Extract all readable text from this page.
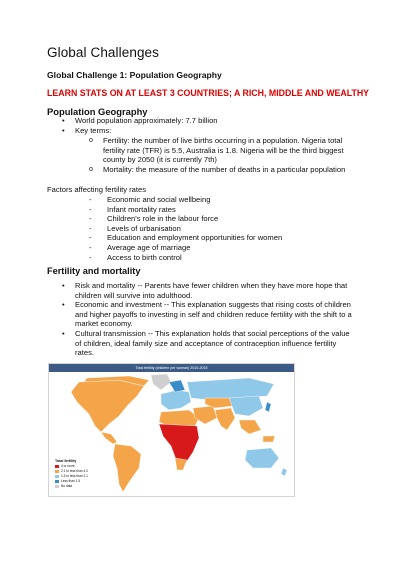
Global Challenges
Global Challenge 1: Population Geography
LEARN STATS ON AT LEAST 3 COUNTRIES; A RICH, MIDDLE AND WEALTHY
Population Geography
• World population approximately: 7.7 billion
• Key terms:
o Fertility: the number of live births occurring in a population. Nigeria total fertility rate (TFR) is 5.5, Australia is 1.8. Nigeria will be the third biggest county by 2050 (it is currently 7th)
o Mortality: the measure of the number of deaths in a particular population
Factors affecting fertility rates
- Economic and social wellbeing
- Infant mortality rates
- Children's role in the labour force
- Levels of urbanisation
- Education and employment opportunities for women
- Average age of marriage
- Access to birth control
Fertility and mortality
• Risk and mortality -- Parents have fewer children when they have more hope that children will survive into adulthood.
• Economic and investment -- This explanation suggests that rising costs of children and higher payoffs to investing in self and children reduce fertility with the shift to a market economy.
• Cultural transmission -- This explanation holds that social perceptions of the value of children, ideal family size and acceptance of contraception influence fertility rates.
Total fertility (children per woman) 2010-2015
Total fertility
4 or more
2.1 to less than 4.0
1.5 to less than 2.1
Less than 1.5
No data
